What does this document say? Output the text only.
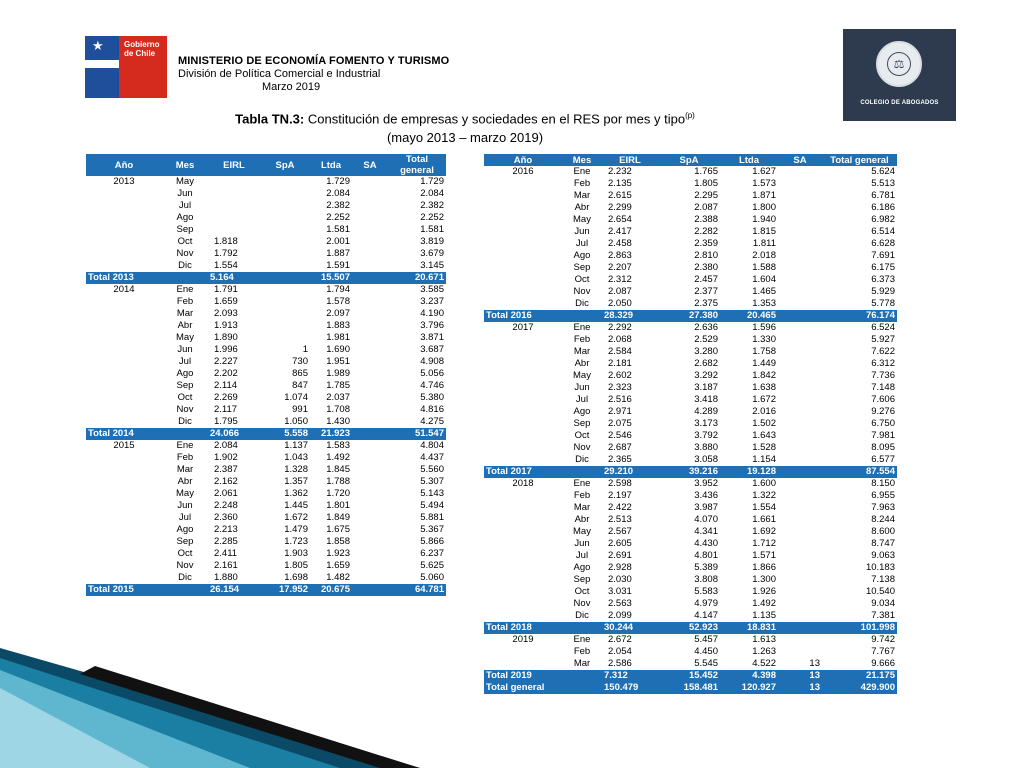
★	Gobierno de Chile
MINISTERIO DE ECONOMÍA FOMENTO Y TURISMO
División de Política Comercial e Industrial
Marzo 2019
⚖
COLEGIO DE ABOGADOS
Tabla TN.3: Constitución de empresas y sociedades en el RES por mes y tipo$^{(p)}$
(mayo 2013 – marzo 2019)
Año	Mes	EIRL	SpA	Ltda	SA	Total general
2013	May			1.729		1.729
	Jun			2.084		2.084
	Jul			2.382		2.382
	Ago			2.252		2.252
	Sep			1.581		1.581
	Oct	1.818		2.001		3.819
	Nov	1.792		1.887		3.679
	Dic	1.554		1.591		3.145
Total 2013		5.164		15.507		20.671
2014	Ene	1.791		1.794		3.585
	Feb	1.659		1.578		3.237
	Mar	2.093		2.097		4.190
	Abr	1.913		1.883		3.796
	May	1.890		1.981		3.871
	Jun	1.996	1	1.690		3.687
	Jul	2.227	730	1.951		4.908
	Ago	2.202	865	1.989		5.056
	Sep	2.114	847	1.785		4.746
	Oct	2.269	1.074	2.037		5.380
	Nov	2.117	991	1.708		4.816
	Dic	1.795	1.050	1.430		4.275
Total 2014		24.066	5.558	21.923		51.547
2015	Ene	2.084	1.137	1.583		4.804
	Feb	1.902	1.043	1.492		4.437
	Mar	2.387	1.328	1.845		5.560
	Abr	2.162	1.357	1.788		5.307
	May	2.061	1.362	1.720		5.143
	Jun	2.248	1.445	1.801		5.494
	Jul	2.360	1.672	1.849		5.881
	Ago	2.213	1.479	1.675		5.367
	Sep	2.285	1.723	1.858		5.866
	Oct	2.411	1.903	1.923		6.237
	Nov	2.161	1.805	1.659		5.625
	Dic	1.880	1.698	1.482		5.060
Total 2015		26.154	17.952	20.675		64.781
Año	Mes	EIRL	SpA	Ltda	SA	Total general
2016	Ene	2.232	1.765	1.627		5.624
	Feb	2.135	1.805	1.573		5.513
	Mar	2.615	2.295	1.871		6.781
	Abr	2.299	2.087	1.800		6.186
	May	2.654	2.388	1.940		6.982
	Jun	2.417	2.282	1.815		6.514
	Jul	2.458	2.359	1.811		6.628
	Ago	2.863	2.810	2.018		7.691
	Sep	2.207	2.380	1.588		6.175
	Oct	2.312	2.457	1.604		6.373
	Nov	2.087	2.377	1.465		5.929
	Dic	2.050	2.375	1.353		5.778
Total 2016		28.329	27.380	20.465		76.174
2017	Ene	2.292	2.636	1.596		6.524
	Feb	2.068	2.529	1.330		5.927
	Mar	2.584	3.280	1.758		7.622
	Abr	2.181	2.682	1.449		6.312
	May	2.602	3.292	1.842		7.736
	Jun	2.323	3.187	1.638		7.148
	Jul	2.516	3.418	1.672		7.606
	Ago	2.971	4.289	2.016		9.276
	Sep	2.075	3.173	1.502		6.750
	Oct	2.546	3.792	1.643		7.981
	Nov	2.687	3.880	1.528		8.095
	Dic	2.365	3.058	1.154		6.577
Total 2017		29.210	39.216	19.128		87.554
2018	Ene	2.598	3.952	1.600		8.150
	Feb	2.197	3.436	1.322		6.955
	Mar	2.422	3.987	1.554		7.963
	Abr	2.513	4.070	1.661		8.244
	May	2.567	4.341	1.692		8.600
	Jun	2.605	4.430	1.712		8.747
	Jul	2.691	4.801	1.571		9.063
	Ago	2.928	5.389	1.866		10.183
	Sep	2.030	3.808	1.300		7.138
	Oct	3.031	5.583	1.926		10.540
	Nov	2.563	4.979	1.492		9.034
	Dic	2.099	4.147	1.135		7.381
Total 2018		30.244	52.923	18.831		101.998
2019	Ene	2.672	5.457	1.613		9.742
	Feb	2.054	4.450	1.263		7.767
	Mar	2.586	5.545	4.522	13	9.666
Total 2019		7.312	15.452	4.398	13	21.175
Total general		150.479	158.481	120.927	13	429.900
